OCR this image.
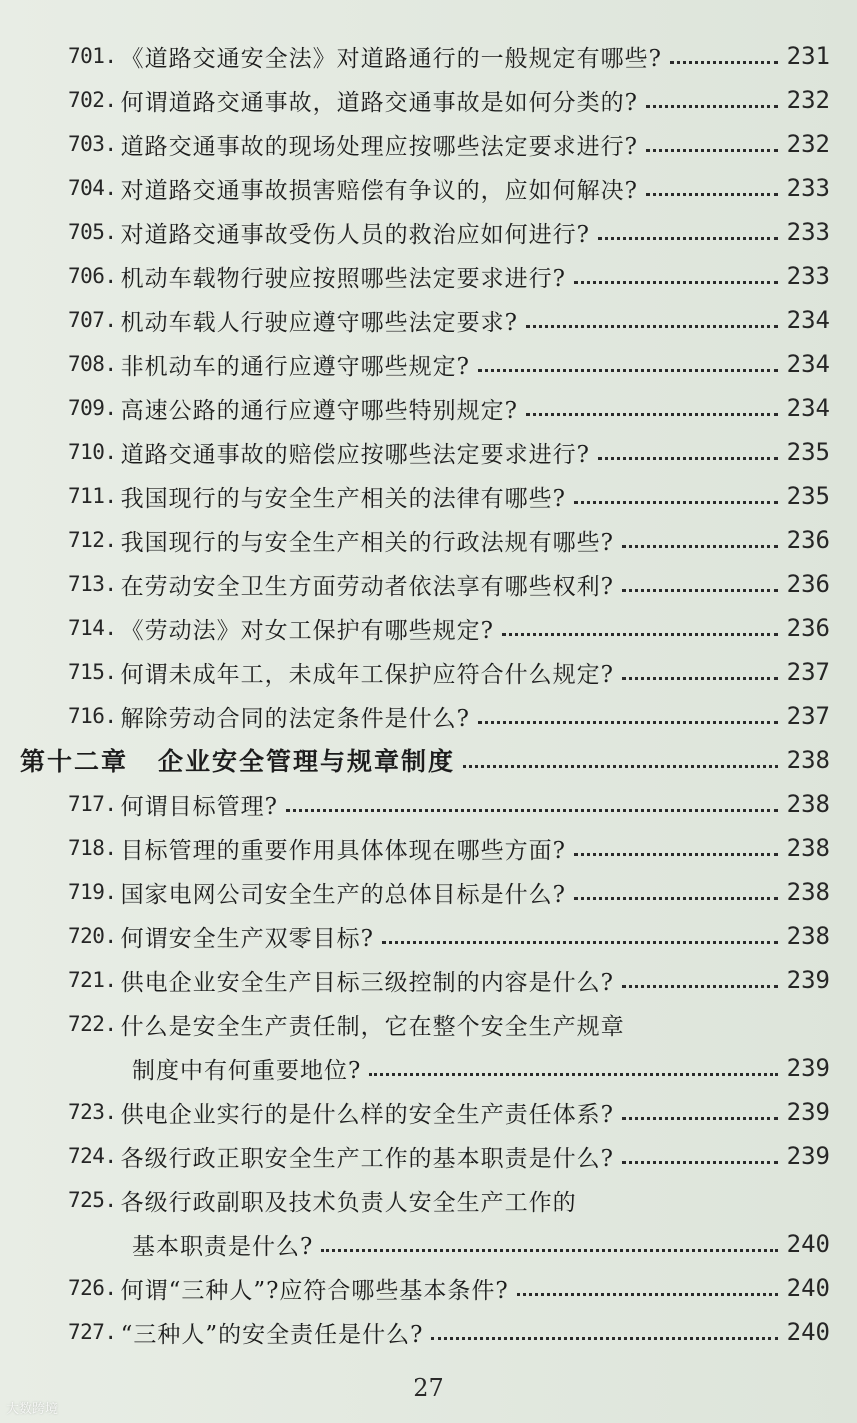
701. 《道路交通安全法》对道路通行的一般规定有哪些?	231
702. 何谓道路交通事故，道路交通事故是如何分类的?	232
703. 道路交通事故的现场处理应按哪些法定要求进行?	232
704. 对道路交通事故损害赔偿有争议的，应如何解决?	233
705. 对道路交通事故受伤人员的救治应如何进行?	233
706. 机动车载物行驶应按照哪些法定要求进行?	233
707. 机动车载人行驶应遵守哪些法定要求?	234
708. 非机动车的通行应遵守哪些规定?	234
709. 高速公路的通行应遵守哪些特别规定?	234
710. 道路交通事故的赔偿应按哪些法定要求进行?	235
711. 我国现行的与安全生产相关的法律有哪些?	235
712. 我国现行的与安全生产相关的行政法规有哪些?	236
713. 在劳动安全卫生方面劳动者依法享有哪些权利?	236
714. 《劳动法》对女工保护有哪些规定?	236
715. 何谓未成年工，未成年工保护应符合什么规定?	237
716. 解除劳动合同的法定条件是什么?	237
第十二章 企业安全管理与规章制度	238
717. 何谓目标管理?	238
718. 目标管理的重要作用具体体现在哪些方面?	238
719. 国家电网公司安全生产的总体目标是什么?	238
720. 何谓安全生产双零目标?	238
721. 供电企业安全生产目标三级控制的内容是什么?	239
722. 什么是安全生产责任制，它在整个安全生产规章
制度中有何重要地位?	239
723. 供电企业实行的是什么样的安全生产责任体系?	239
724. 各级行政正职安全生产工作的基本职责是什么?	239
725. 各级行政副职及技术负责人安全生产工作的
基本职责是什么?	240
726. 何谓“三种人”?应符合哪些基本条件?	240
727. “三种人”的安全责任是什么?	240
27
大数跨境
